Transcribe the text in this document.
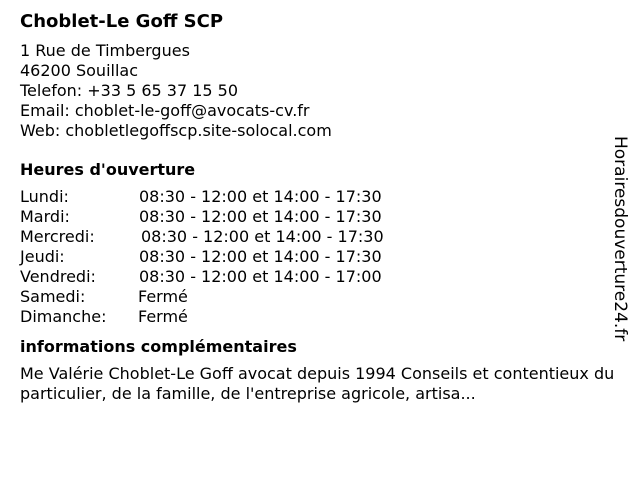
Choblet-Le Goff SCP
1 Rue de Timbergues
46200 Souillac
Telefon: +33 5 65 37 15 50
Email: choblet-le-goff@avocats-cv.fr
Web: chobletlegoffscp.site-solocal.com
Heures d'ouverture
Lundi:	08:30 - 12:00 et 14:00 - 17:30
Mardi:	08:30 - 12:00 et 14:00 - 17:30
Mercredi:	08:30 - 12:00 et 14:00 - 17:30
Jeudi:	08:30 - 12:00 et 14:00 - 17:30
Vendredi:	08:30 - 12:00 et 14:00 - 17:00
Samedi:	Fermé
Dimanche:	Fermé
informations complémentaires
Me Valérie Choblet-Le Goff avocat depuis 1994 Conseils et contentieux du particulier, de la famille, de l'entreprise agricole, artisa...
Horairesdouverture24.fr
